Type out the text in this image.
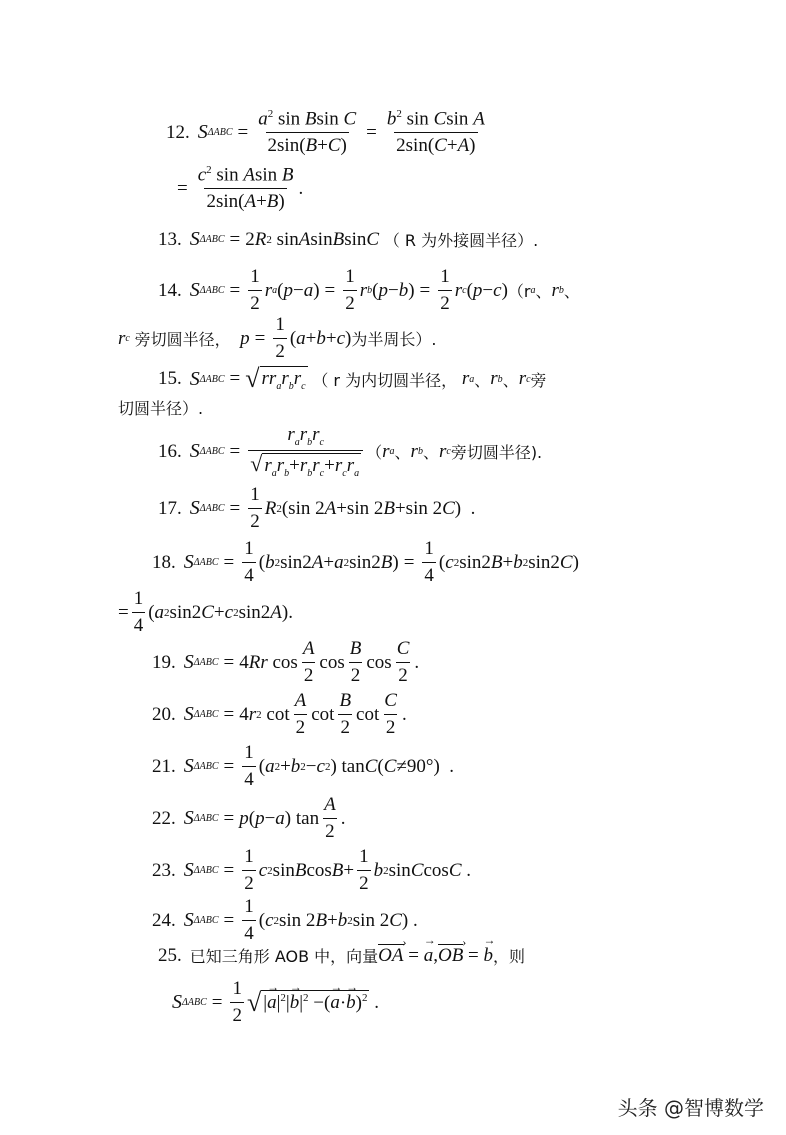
12. S $\Delta ABC = \frac{a^2 \sin Bsin C}{2\sin(B+C)} = \frac{b^2 \sin Csin A}{2\sin(C+A)}$
= $\frac{c^2 \sin Asin B}{2\sin(A+B)}$ .
13. S ΔABC = 2 R 2 sin A sin B sin C
（ R 为外接圆半径）.
14. S $\Delta ABC = \frac{1}{2}$ r a ( p − a ) = $\frac{1}{2}$ r b ( p − b ) = $\frac{1}{2}$ r c ( p − c ) （r a 、 r b 、
r c
旁切圆半径，
$p = \frac{1}{2}$ ( a + b + c ) 为半周长）.
15. S ΔABC = √ $rr_ar_br_c$
（ r 为内切圆半径，
r a 、 r b 、 r c 旁
切圆半径）.
16. S $\Delta ABC = \frac{r_ar_br_c}{√ r_ar_b+r_br_c+r_cr_a}$ （ r a 、 r b 、 r c 旁切圆半径).
17. S $\Delta ABC = \frac{1}{2}$ R 2 (sin 2 A +sin 2 B +sin 2 C )  .
18. S $\Delta ABC = \frac{1}{4}$ ( b 2 sin2 A + a 2 sin2 B ) = $\frac{1}{4}$ ( c 2 sin2 B + b 2 sin2 C )
= $\frac{1}{4}$ ( a 2 sin2 C + c 2 sin2 A ).
19. S ΔABC = 4 Rr $\cos \frac{A}{2}$ $\cos \frac{B}{2}$ $\cos \frac{C}{2}$ .
20. S ΔABC = 4 r 2 $\cot \frac{A}{2}$ $\cot \frac{B}{2}$ $\cot \frac{C}{2}$ .
21. S $\Delta ABC = \frac{1}{4}$ ( a 2 + b 2 − c 2 ) tan C ( C ≠90°)  .
22. S ΔABC = p ( p − a ) $\tan \frac{A}{2}$ .
23. S $\Delta ABC = \frac{1}{2}$ c 2 sin B $\cos B + \frac{1}{2}$ b 2 sin C cos C .
24. S $\Delta ABC = \frac{1}{4}$ ( c 2 sin 2 B + b 2 sin 2 C ) .
25. 已知三角形 AOB 中，向量 OA › = → a , OB › = → b ，则
S $\Delta ABC = \frac{1}{2}$ √ |→ $a|^2|\to b|^2$ −(→ a·→ b)$^2$ .
头条 @智博数学
